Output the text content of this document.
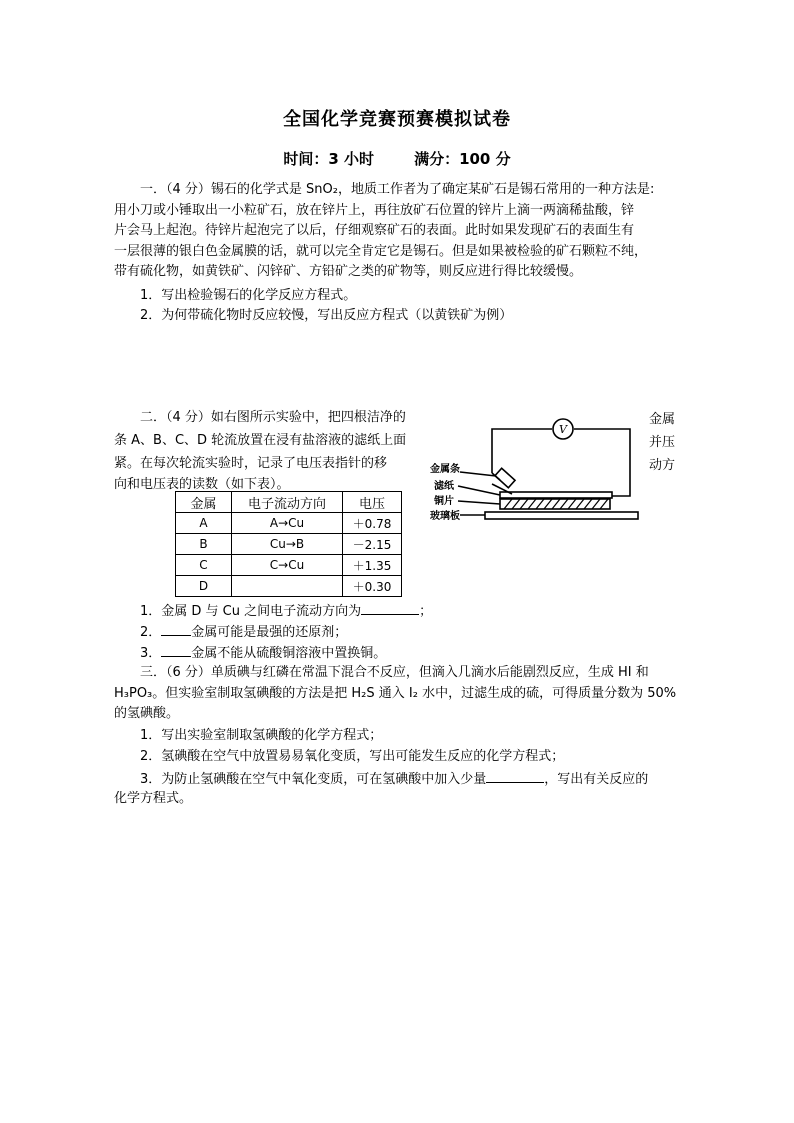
全国化学竞赛预赛模拟试卷
时间：3 小时	满分：100 分
一．（4 分）锡石的化学式是 SnO₂，地质工作者为了确定某矿石是锡石常用的一种方法是:
用小刀或小锤取出一小粒矿石，放在锌片上，再往放矿石位置的锌片上滴一两滴稀盐酸，锌
片会马上起泡。待锌片起泡完了以后，仔细观察矿石的表面。此时如果发现矿石的表面生有
一层很薄的银白色金属膜的话，就可以完全肯定它是锡石。但是如果被检验的矿石颗粒不纯，
带有硫化物，如黄铁矿、闪锌矿、方铅矿之类的矿物等，则反应进行得比较缓慢。
1．写出检验锡石的化学反应方程式。
2．为何带硫化物时反应较慢，写出反应方程式（以黄铁矿为例）
二．（4 分）如右图所示实验中，把四根洁净的
条 A、B、C、D 轮流放置在浸有盐溶液的滤纸上面
紧。在每次轮流实验时，记录了电压表指针的移
向和电压表的读数（如下表）。
金属
并压
动方
V
金属条
滤纸
铜片
玻璃板
金属	电子流动方向	电压
A	A→Cu	＋0.78
B	Cu→B	－2.15
C	C→Cu	＋1.35
D		＋0.30
1．金属 D 与 Cu 之间电子流动方向为	；
2． 金属可能是最强的还原剂；
3． 金属不能从硫酸铜溶液中置换铜。
三．（6 分）单质碘与红磷在常温下混合不反应，但滴入几滴水后能剧烈反应，生成 HI 和
H₃PO₃。但实验室制取氢碘酸的方法是把 H₂S 通入 I₂ 水中，过滤生成的硫，可得质量分数为 50%
的氢碘酸。
1．写出实验室制取氢碘酸的化学方程式；
2．氢碘酸在空气中放置易易氧化变质，写出可能发生反应的化学方程式；
3．为防止氢碘酸在空气中氧化变质，可在氢碘酸中加入少量	，写出有关反应的
化学方程式。
